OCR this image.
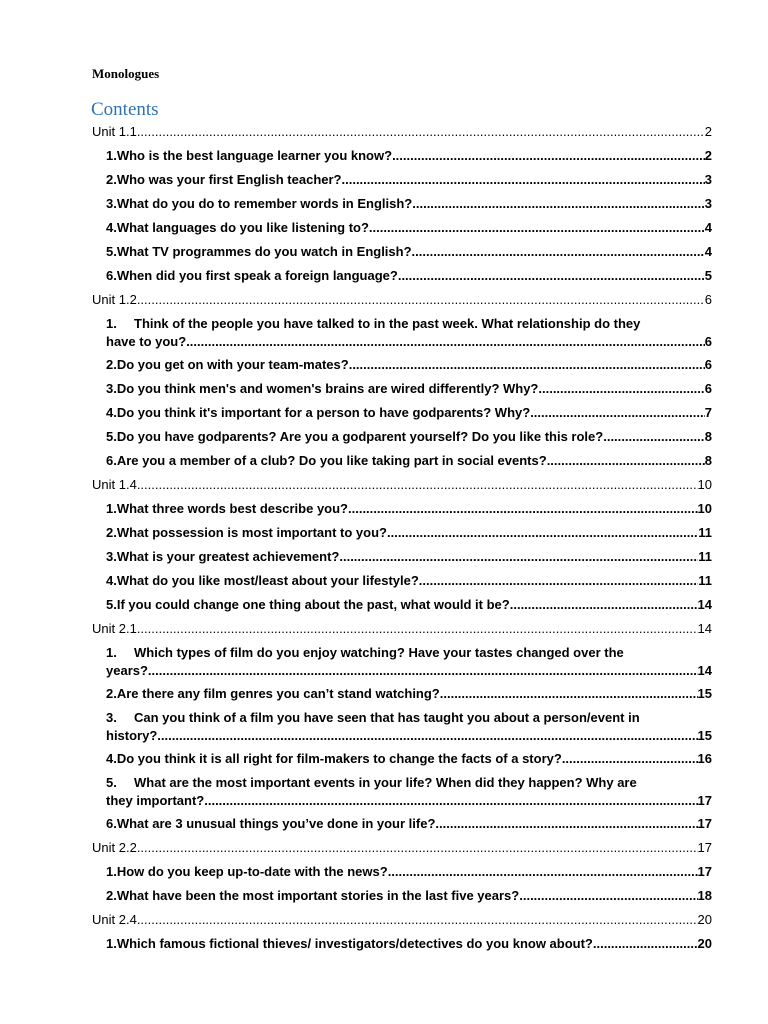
Monologues
Contents
Unit 1.1 .....	2
1. Who is the best language learner you know? .....	2
2. Who was your first English teacher? .....	3
3. What do you do to remember words in English? .....	3
4. What languages do you like listening to? .....	4
5. What TV programmes do you watch in English? .....	4
6. When did you first speak a foreign language? .....	5
Unit 1.2 .....	6
1.	Think of the people you have talked to in the past week. What relationship do they
have to you? .....	6
2. Do you get on with your team-mates? .....	6
3. Do you think men's and women's brains are wired differently? Why? .....	6
4. Do you think it's important for a person to have godparents? Why? .....	7
5. Do you have godparents? Are you a godparent yourself? Do you like this role? .....	8
6. Are you a member of a club? Do you like taking part in social events? .....	8
Unit 1.4 .....	10
1. What three words best describe you? .....	10
2. What possession is most important to you? .....	11
3. What is your greatest achievement? .....	11
4. What do you like most/least about your lifestyle? .....	11
5. If you could change one thing about the past, what would it be? .....	14
Unit 2.1 .....	14
1.	Which types of film do you enjoy watching? Have your tastes changed over the
years? .....	14
2. Are there any film genres you can’t stand watching? .....	15
3.	Can you think of a film you have seen that has taught you about a person/event in
history? .....	15
4. Do you think it is all right for film-makers to change the facts of a story? .....	16
5.	What are the most important events in your life? When did they happen? Why are
they important? .....	17
6. What are 3 unusual things you’ve done in your life? .....	17
Unit 2.2 .....	17
1. How do you keep up-to-date with the news? .....	17
2. What have been the most important stories in the last five years? .....	18
Unit 2.4 .....	20
1. Which famous fictional thieves/ investigators/detectives do you know about? .....	20
